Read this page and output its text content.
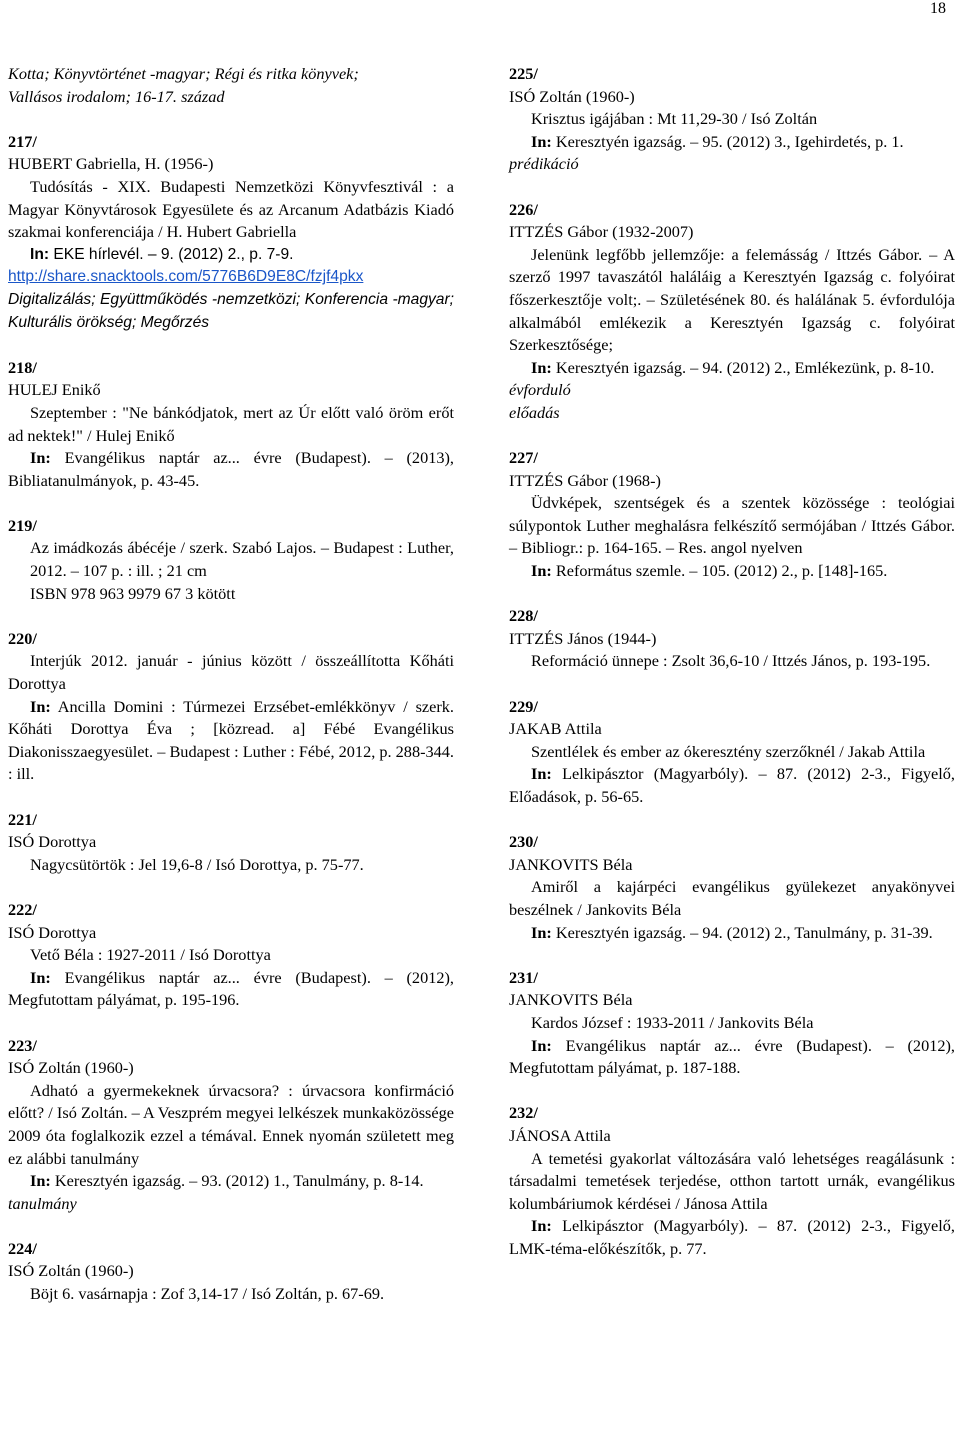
18
Kotta; Könyvtörténet -magyar; Régi és ritka könyvek;
Vallásos irodalom; 16-17. század
217/
HUBERT Gabriella, H. (1956-)
Tudósítás - XIX. Budapesti Nemzetközi Könyvfesztivál : a Magyar Könyvtárosok Egyesülete és az Arcanum Adatbázis Kiadó szakmai konferenciája / H. Hubert Gabriella
In: EKE hírlevél. ‒ 9. (2012) 2., p. 7-9.
http://share.snacktools.com/5776B6D9E8C/fzjf4pkx
Digitalizálás; Együttműködés -nemzetközi; Konferencia -magyar; Kulturális örökség; Megőrzés
218/
HULEJ Enikő
Szeptember : "Ne bánkódjatok, mert az Úr előtt való öröm erőt ad nektek!" / Hulej Enikő
In: Evangélikus naptár az... évre (Budapest). ‒ (2013), Bibliatanulmányok, p. 43-45.
219/
Az imádkozás ábécéje / szerk. Szabó Lajos. ‒ Budapest : Luther, 2012. ‒ 107 p. : ill. ; 21 cm
ISBN 978 963 9979 67 3 kötött
220/
Interjúk 2012. január - június között / összeállította Kőháti Dorottya
In: Ancilla Domini : Túrmezei Erzsébet-emlékkönyv / szerk. Kőháti Dorottya Éva ; [közread. a] Fébé Evangélikus Diakonisszaegyesület. ‒ Budapest : Luther : Fébé, 2012, p. 288-344. : ill.
221/
ISÓ Dorottya
Nagycsütörtök : Jel 19,6-8 / Isó Dorottya, p. 75-77.
222/
ISÓ Dorottya
Vető Béla : 1927-2011 / Isó Dorottya
In: Evangélikus naptár az... évre (Budapest). ‒ (2012), Megfutottam pályámat, p. 195-196.
223/
ISÓ Zoltán (1960-)
Adható a gyermekeknek úrvacsora? : úrvacsora konfirmáció előtt? / Isó Zoltán. ‒ A Veszprém megyei lelkészek munkaközössége 2009 óta foglalkozik ezzel a témával. Ennek nyomán született meg ez alábbi tanulmány
In: Keresztyén igazság. ‒ 93. (2012) 1., Tanulmány, p. 8-14.
tanulmány
224/
ISÓ Zoltán (1960-)
Böjt 6. vasárnapja : Zof 3,14-17 / Isó Zoltán, p. 67-69.
225/
ISÓ Zoltán (1960-)
Krisztus igájában : Mt 11,29-30 / Isó Zoltán
In: Keresztyén igazság. ‒ 95. (2012) 3., Igehirdetés, p. 1.
prédikáció
226/
ITTZÉS Gábor (1932-2007)
Jelenünk legfőbb jellemzője: a felemásság / Ittzés Gábor. ‒ A szerző 1997 tavaszától haláláig a Keresztyén Igazság c. folyóirat főszerkesztője volt;. ‒ Születésének 80. és halálának 5. évfordulója alkalmából emlékezik a Keresztyén Igazság c. folyóirat Szerkesztősége;
In: Keresztyén igazság. ‒ 94. (2012) 2., Emlékezünk, p. 8-10.
évforduló
előadás
227/
ITTZÉS Gábor (1968-)
Üdvképek, szentségek és a szentek közössége : teológiai súlypontok Luther meghalásra felkészítő sermójában / Ittzés Gábor. ‒ Bibliogr.: p. 164-165. ‒ Res. angol nyelven
In: Református szemle. ‒ 105. (2012) 2., p. [148]-165.
228/
ITTZÉS János (1944-)
Reformáció ünnepe : Zsolt 36,6-10 / Ittzés János, p. 193-195.
229/
JAKAB Attila
Szentlélek és ember az ókeresztény szerzőknél / Jakab Attila
In: Lelkipásztor (Magyarbóly). ‒ 87. (2012) 2-3., Figyelő, Előadások, p. 56-65.
230/
JANKOVITS Béla
Amiről a kajárpéci evangélikus gyülekezet anyakönyvei beszélnek / Jankovits Béla
In: Keresztyén igazság. ‒ 94. (2012) 2., Tanulmány, p. 31-39.
231/
JANKOVITS Béla
Kardos József : 1933-2011 / Jankovits Béla
In: Evangélikus naptár az... évre (Budapest). ‒ (2012), Megfutottam pályámat, p. 187-188.
232/
JÁNOSA Attila
A temetési gyakorlat változására való lehetséges reagálásunk : társadalmi temetések terjedése, otthon tartott urnák, evangélikus kolumbáriumok kérdései / Jánosa Attila
In: Lelkipásztor (Magyarbóly). ‒ 87. (2012) 2-3., Figyelő, LMK-téma-előkészítők, p. 77.
